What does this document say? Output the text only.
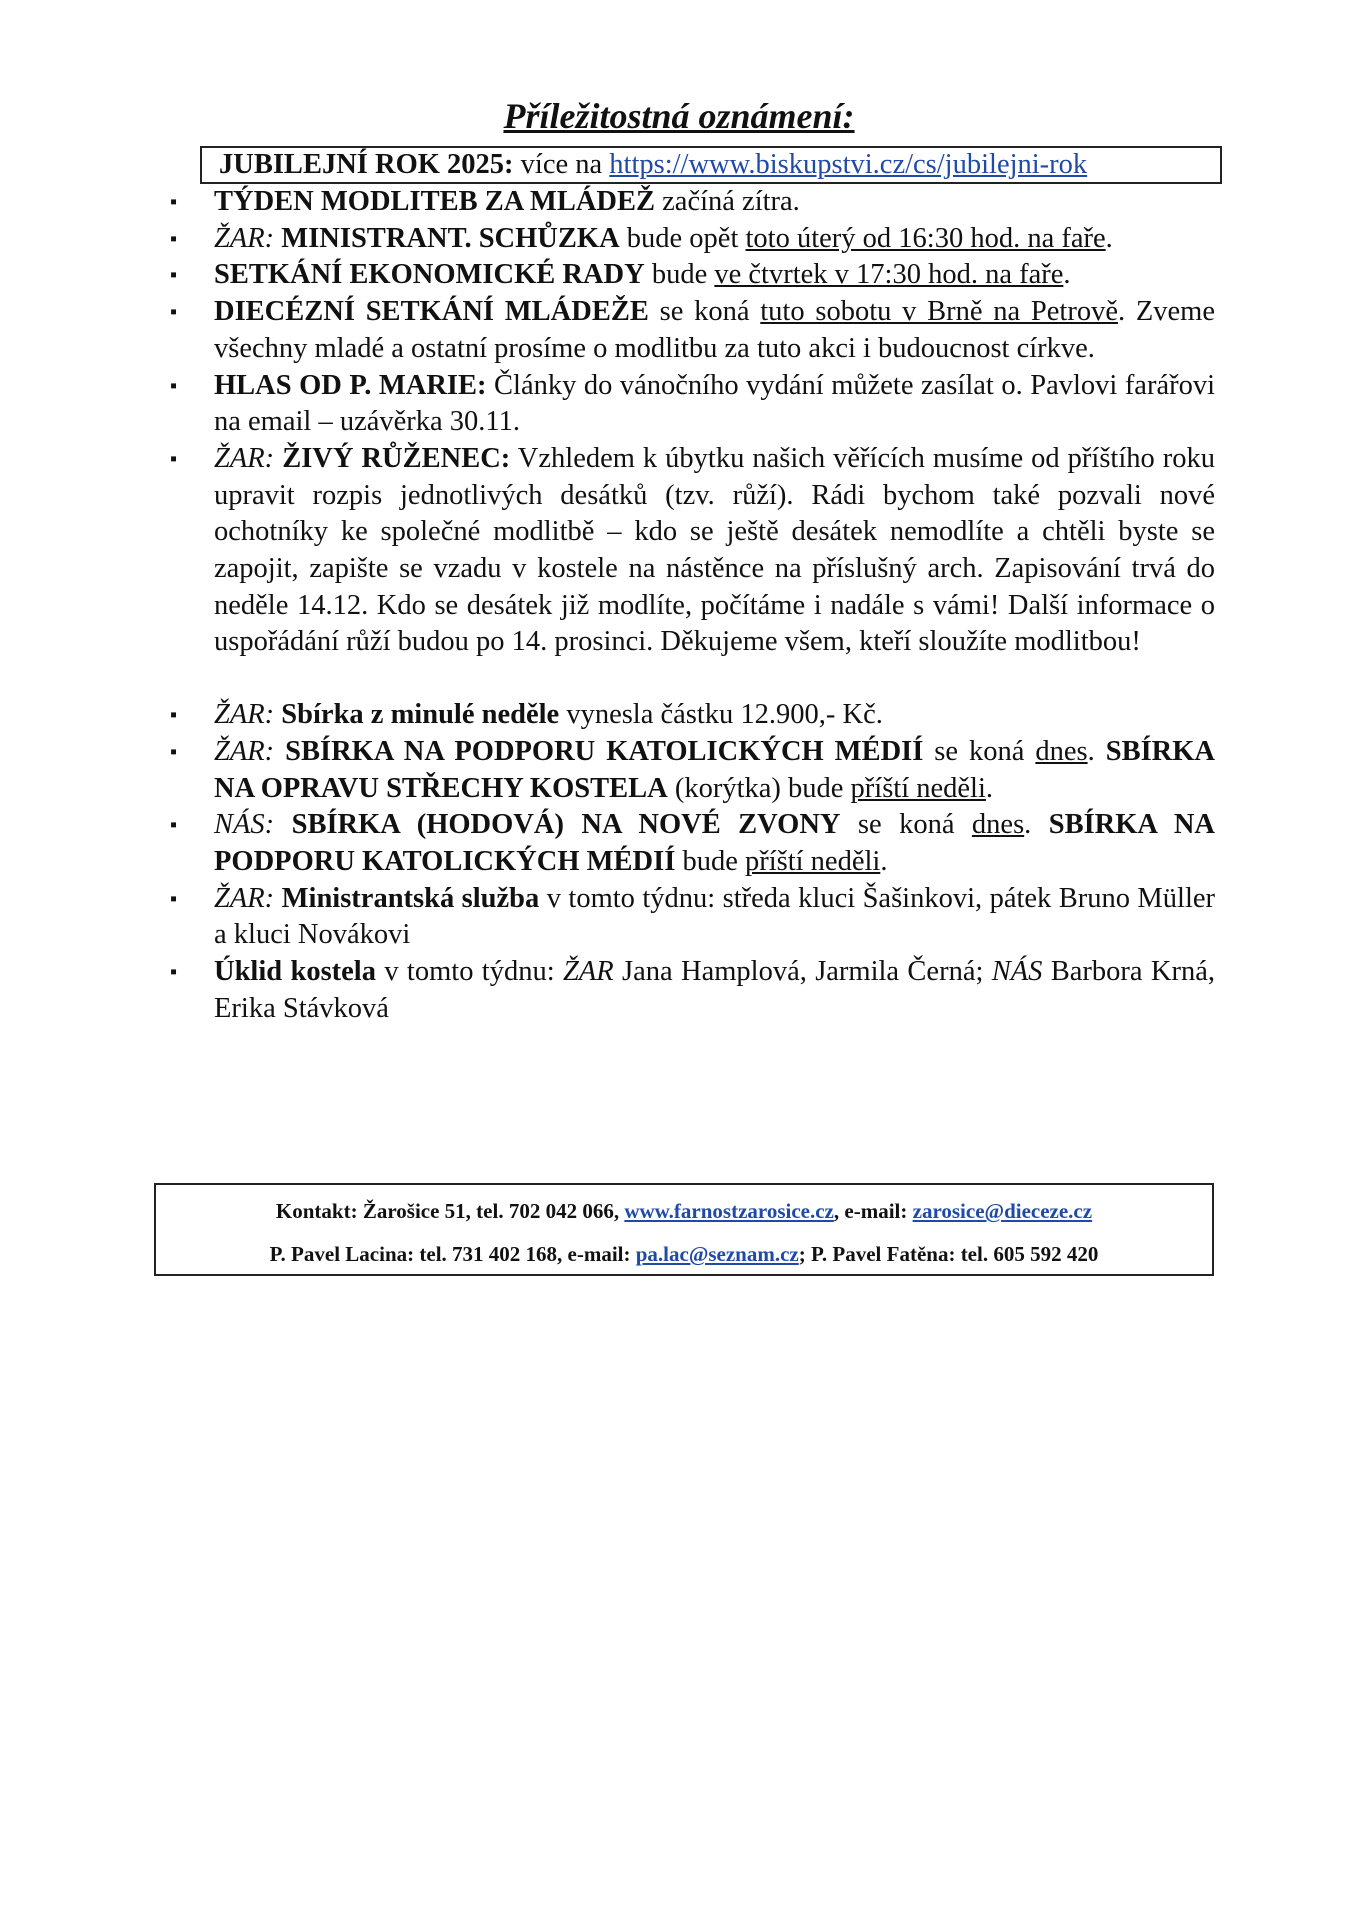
Příležitostná oznámení:
JUBILEJNÍ ROK 2025: více na https://www.biskupstvi.cz/cs/jubilejni-rok
▪ TÝDEN MODLITEB ZA MLÁDEŽ začíná zítra.
▪ ŽAR: MINISTRANT. SCHŮZKA bude opět toto úterý od 16:30 hod. na faře.
▪ SETKÁNÍ EKONOMICKÉ RADY bude ve čtvrtek v 17:30 hod. na faře.
▪ DIECÉZNÍ SETKÁNÍ MLÁDEŽE se koná tuto sobotu v Brně na Petrově. Zveme všechny mladé a ostatní prosíme o modlitbu za tuto akci i budoucnost církve.
▪ HLAS OD P. MARIE: Články do vánočního vydání můžete zasílat o. Pavlovi farářovi na email – uzávěrka 30.11.
▪ ŽAR: ŽIVÝ RŮŽENEC: Vzhledem k úbytku našich věřících musíme od příštího roku upravit rozpis jednotlivých desátků (tzv. růží). Rádi bychom také pozvali nové ochotníky ke společné modlitbě – kdo se ještě desátek nemodlíte a chtěli byste se zapojit, zapište se vzadu v kostele na nástěnce na příslušný arch. Zapisování trvá do neděle 14.12. Kdo se desátek již modlíte, počítáme i nadále s vámi! Další informace o uspořádání růží budou po 14. prosinci. Děkujeme všem, kteří sloužíte modlitbou!
▪ ŽAR: Sbírka z minulé neděle vynesla částku 12.900,- Kč.
▪ ŽAR: SBÍRKA NA PODPORU KATOLICKÝCH MÉDIÍ se koná dnes. SBÍRKA NA OPRAVU STŘECHY KOSTELA (korýtka) bude příští neděli.
▪ NÁS: SBÍRKA (HODOVÁ) NA NOVÉ ZVONY se koná dnes. SBÍRKA NA PODPORU KATOLICKÝCH MÉDIÍ bude příští neděli.
▪ ŽAR: Ministrantská služba v tomto týdnu: středa kluci Šašinkovi, pátek Bruno Müller a kluci Novákovi
▪ Úklid kostela v tomto týdnu: ŽAR Jana Hamplová, Jarmila Černá; NÁS Barbora Krná, Erika Stávková
Kontakt: Žarošice 51, tel. 702 042 066, www.farnostzarosice.cz, e-mail: zarosice@dieceze.cz
P. Pavel Lacina: tel. 731 402 168, e-mail: pa.lac@seznam.cz; P. Pavel Fatěna: tel. 605 592 420
